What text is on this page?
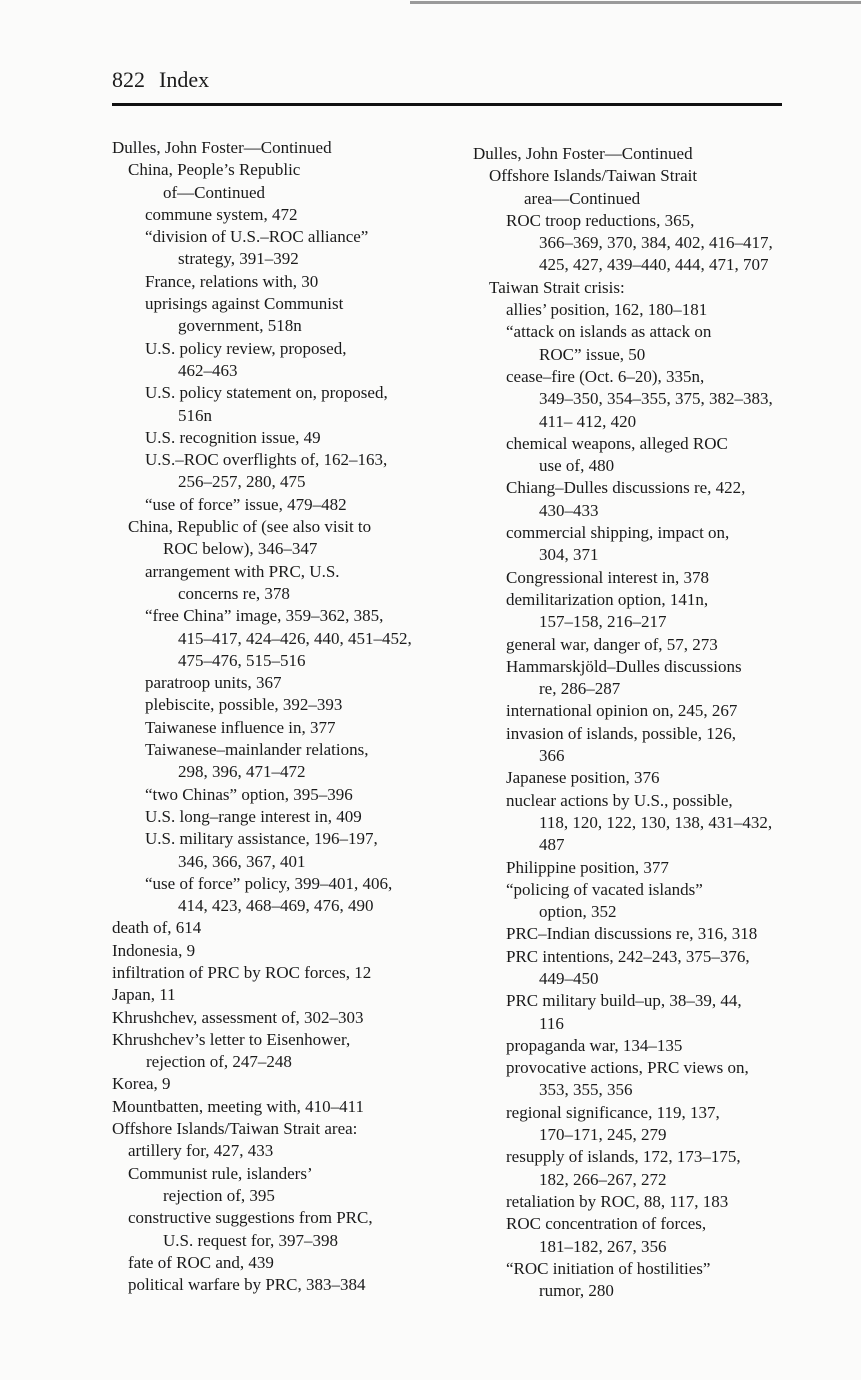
822 Index
Dulles, John Foster—Continued
China, People’s Republic
of—Continued
commune system, 472
“division of U.S.–ROC alliance”
strategy, 391–392
France, relations with, 30
uprisings against Communist
government, 518n
U.S. policy review, proposed,
462–463
U.S. policy statement on, proposed,
516n
U.S. recognition issue, 49
U.S.–ROC overflights of, 162–163,
256–257, 280, 475
“use of force” issue, 479–482
China, Republic of (see also visit to
ROC below), 346–347
arrangement with PRC, U.S.
concerns re, 378
“free China” image, 359–362, 385,
415–417, 424–426, 440, 451–452,
475–476, 515–516
paratroop units, 367
plebiscite, possible, 392–393
Taiwanese influence in, 377
Taiwanese–mainlander relations,
298, 396, 471–472
“two Chinas” option, 395–396
U.S. long–range interest in, 409
U.S. military assistance, 196–197,
346, 366, 367, 401
“use of force” policy, 399–401, 406,
414, 423, 468–469, 476, 490
death of, 614
Indonesia, 9
infiltration of PRC by ROC forces, 12
Japan, 11
Khrushchev, assessment of, 302–303
Khrushchev’s letter to Eisenhower,
rejection of, 247–248
Korea, 9
Mountbatten, meeting with, 410–411
Offshore Islands/Taiwan Strait area:
artillery for, 427, 433
Communist rule, islanders’
rejection of, 395
constructive suggestions from PRC,
U.S. request for, 397–398
fate of ROC and, 439
political warfare by PRC, 383–384
Dulles, John Foster—Continued
Offshore Islands/Taiwan Strait
area—Continued
ROC troop reductions, 365,
366–369, 370, 384, 402, 416–417,
425, 427, 439–440, 444, 471, 707
Taiwan Strait crisis:
allies’ position, 162, 180–181
“attack on islands as attack on
ROC” issue, 50
cease–fire (Oct. 6–20), 335n,
349–350, 354–355, 375, 382–383,
411– 412, 420
chemical weapons, alleged ROC
use of, 480
Chiang–Dulles discussions re, 422,
430–433
commercial shipping, impact on,
304, 371
Congressional interest in, 378
demilitarization option, 141n,
157–158, 216–217
general war, danger of, 57, 273
Hammarskjöld–Dulles discussions
re, 286–287
international opinion on, 245, 267
invasion of islands, possible, 126,
366
Japanese position, 376
nuclear actions by U.S., possible,
118, 120, 122, 130, 138, 431–432,
487
Philippine position, 377
“policing of vacated islands”
option, 352
PRC–Indian discussions re, 316, 318
PRC intentions, 242–243, 375–376,
449–450
PRC military build–up, 38–39, 44,
116
propaganda war, 134–135
provocative actions, PRC views on,
353, 355, 356
regional significance, 119, 137,
170–171, 245, 279
resupply of islands, 172, 173–175,
182, 266–267, 272
retaliation by ROC, 88, 117, 183
ROC concentration of forces,
181–182, 267, 356
“ROC initiation of hostilities”
rumor, 280
